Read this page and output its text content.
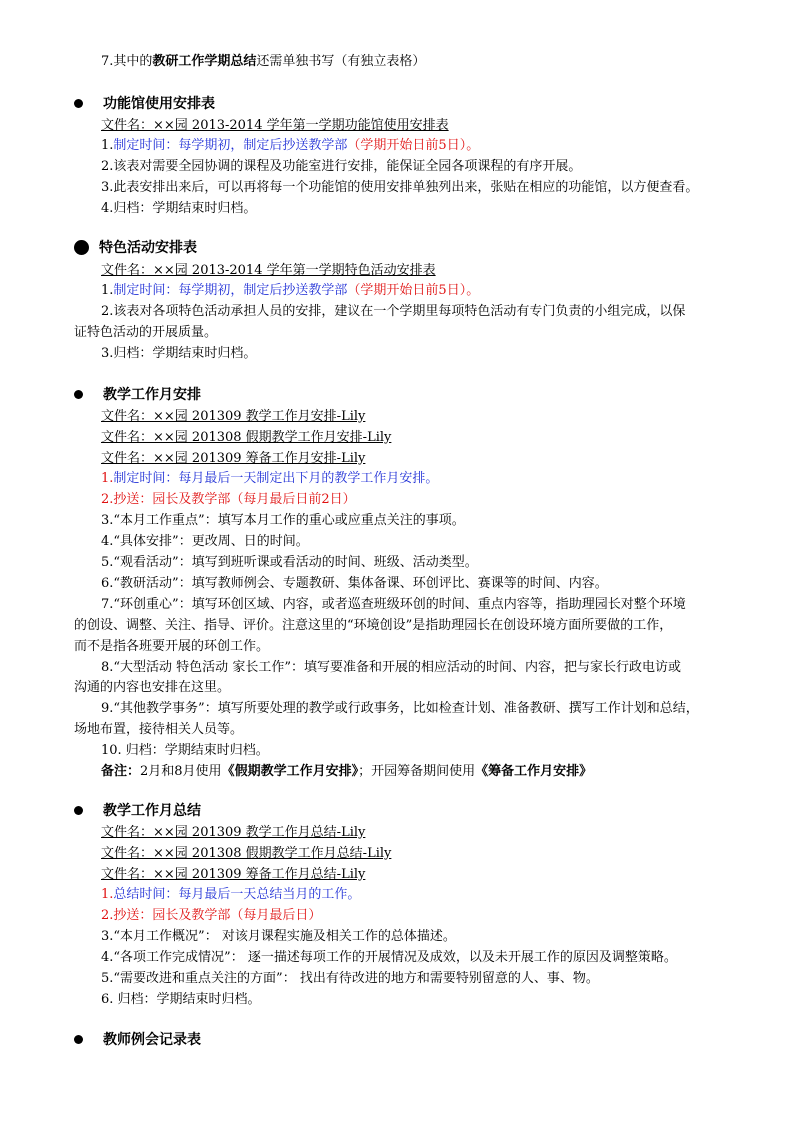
7.其中的教研工作学期总结还需单独书写（有独立表格）
功能馆使用安排表
文件名：××园 2013-2014 学年第一学期功能馆使用安排表
1.制定时间：每学期初，制定后抄送教学部（学期开始日前5日）。
2.该表对需要全园协调的课程及功能室进行安排，能保证全园各项课程的有序开展。
3.此表安排出来后，可以再将每一个功能馆的使用安排单独列出来，张贴在相应的功能馆，以方便查看。
4.归档：学期结束时归档。
特色活动安排表
文件名：××园 2013-2014 学年第一学期特色活动安排表
1.制定时间：每学期初，制定后抄送教学部（学期开始日前5日）。
2.该表对各项特色活动承担人员的安排，建议在一个学期里每项特色活动有专门负责的小组完成，以保
证特色活动的开展质量。
3.归档：学期结束时归档。
教学工作月安排
文件名：××园 201309 教学工作月安排-Lily
文件名：××园 201308 假期教学工作月安排-Lily
文件名：××园 201309 筹备工作月安排-Lily
1.制定时间：每月最后一天制定出下月的教学工作月安排。
2.抄送：园长及教学部（每月最后日前2日）
3.“本月工作重点”：填写本月工作的重心或应重点关注的事项。
4.“具体安排”：更改周、日的时间。
5.“观看活动”：填写到班听课或看活动的时间、班级、活动类型。
6.“教研活动”：填写教师例会、专题教研、集体备课、环创评比、赛课等的时间、内容。
7.“环创重心”：填写环创区域、内容，或者巡查班级环创的时间、重点内容等，指助理园长对整个环境
的创设、调整、关注、指导、评价。注意这里的“环境创设”是指助理园长在创设环境方面所要做的工作，
而不是指各班要开展的环创工作。
8.“大型活动 特色活动 家长工作”：填写要准备和开展的相应活动的时间、内容，把与家长行政电访或
沟通的内容也安排在这里。
9.“其他教学事务”：填写所要处理的教学或行政事务，比如检查计划、准备教研、撰写工作计划和总结，
场地布置，接待相关人员等。
10. 归档：学期结束时归档。
备注：2月和8月使用《假期教学工作月安排》；开园筹备期间使用《筹备工作月安排》
教学工作月总结
文件名：××园 201309 教学工作月总结-Lily
文件名：××园 201308 假期教学工作月总结-Lily
文件名：××园 201309 筹备工作月总结-Lily
1.总结时间：每月最后一天总结当月的工作。
2.抄送：园长及教学部（每月最后日）
3.“本月工作概况”： 对该月课程实施及相关工作的总体描述。
4.“各项工作完成情况”： 逐一描述每项工作的开展情况及成效，以及未开展工作的原因及调整策略。
5.“需要改进和重点关注的方面”： 找出有待改进的地方和需要特别留意的人、事、物。
6. 归档：学期结束时归档。
教师例会记录表
